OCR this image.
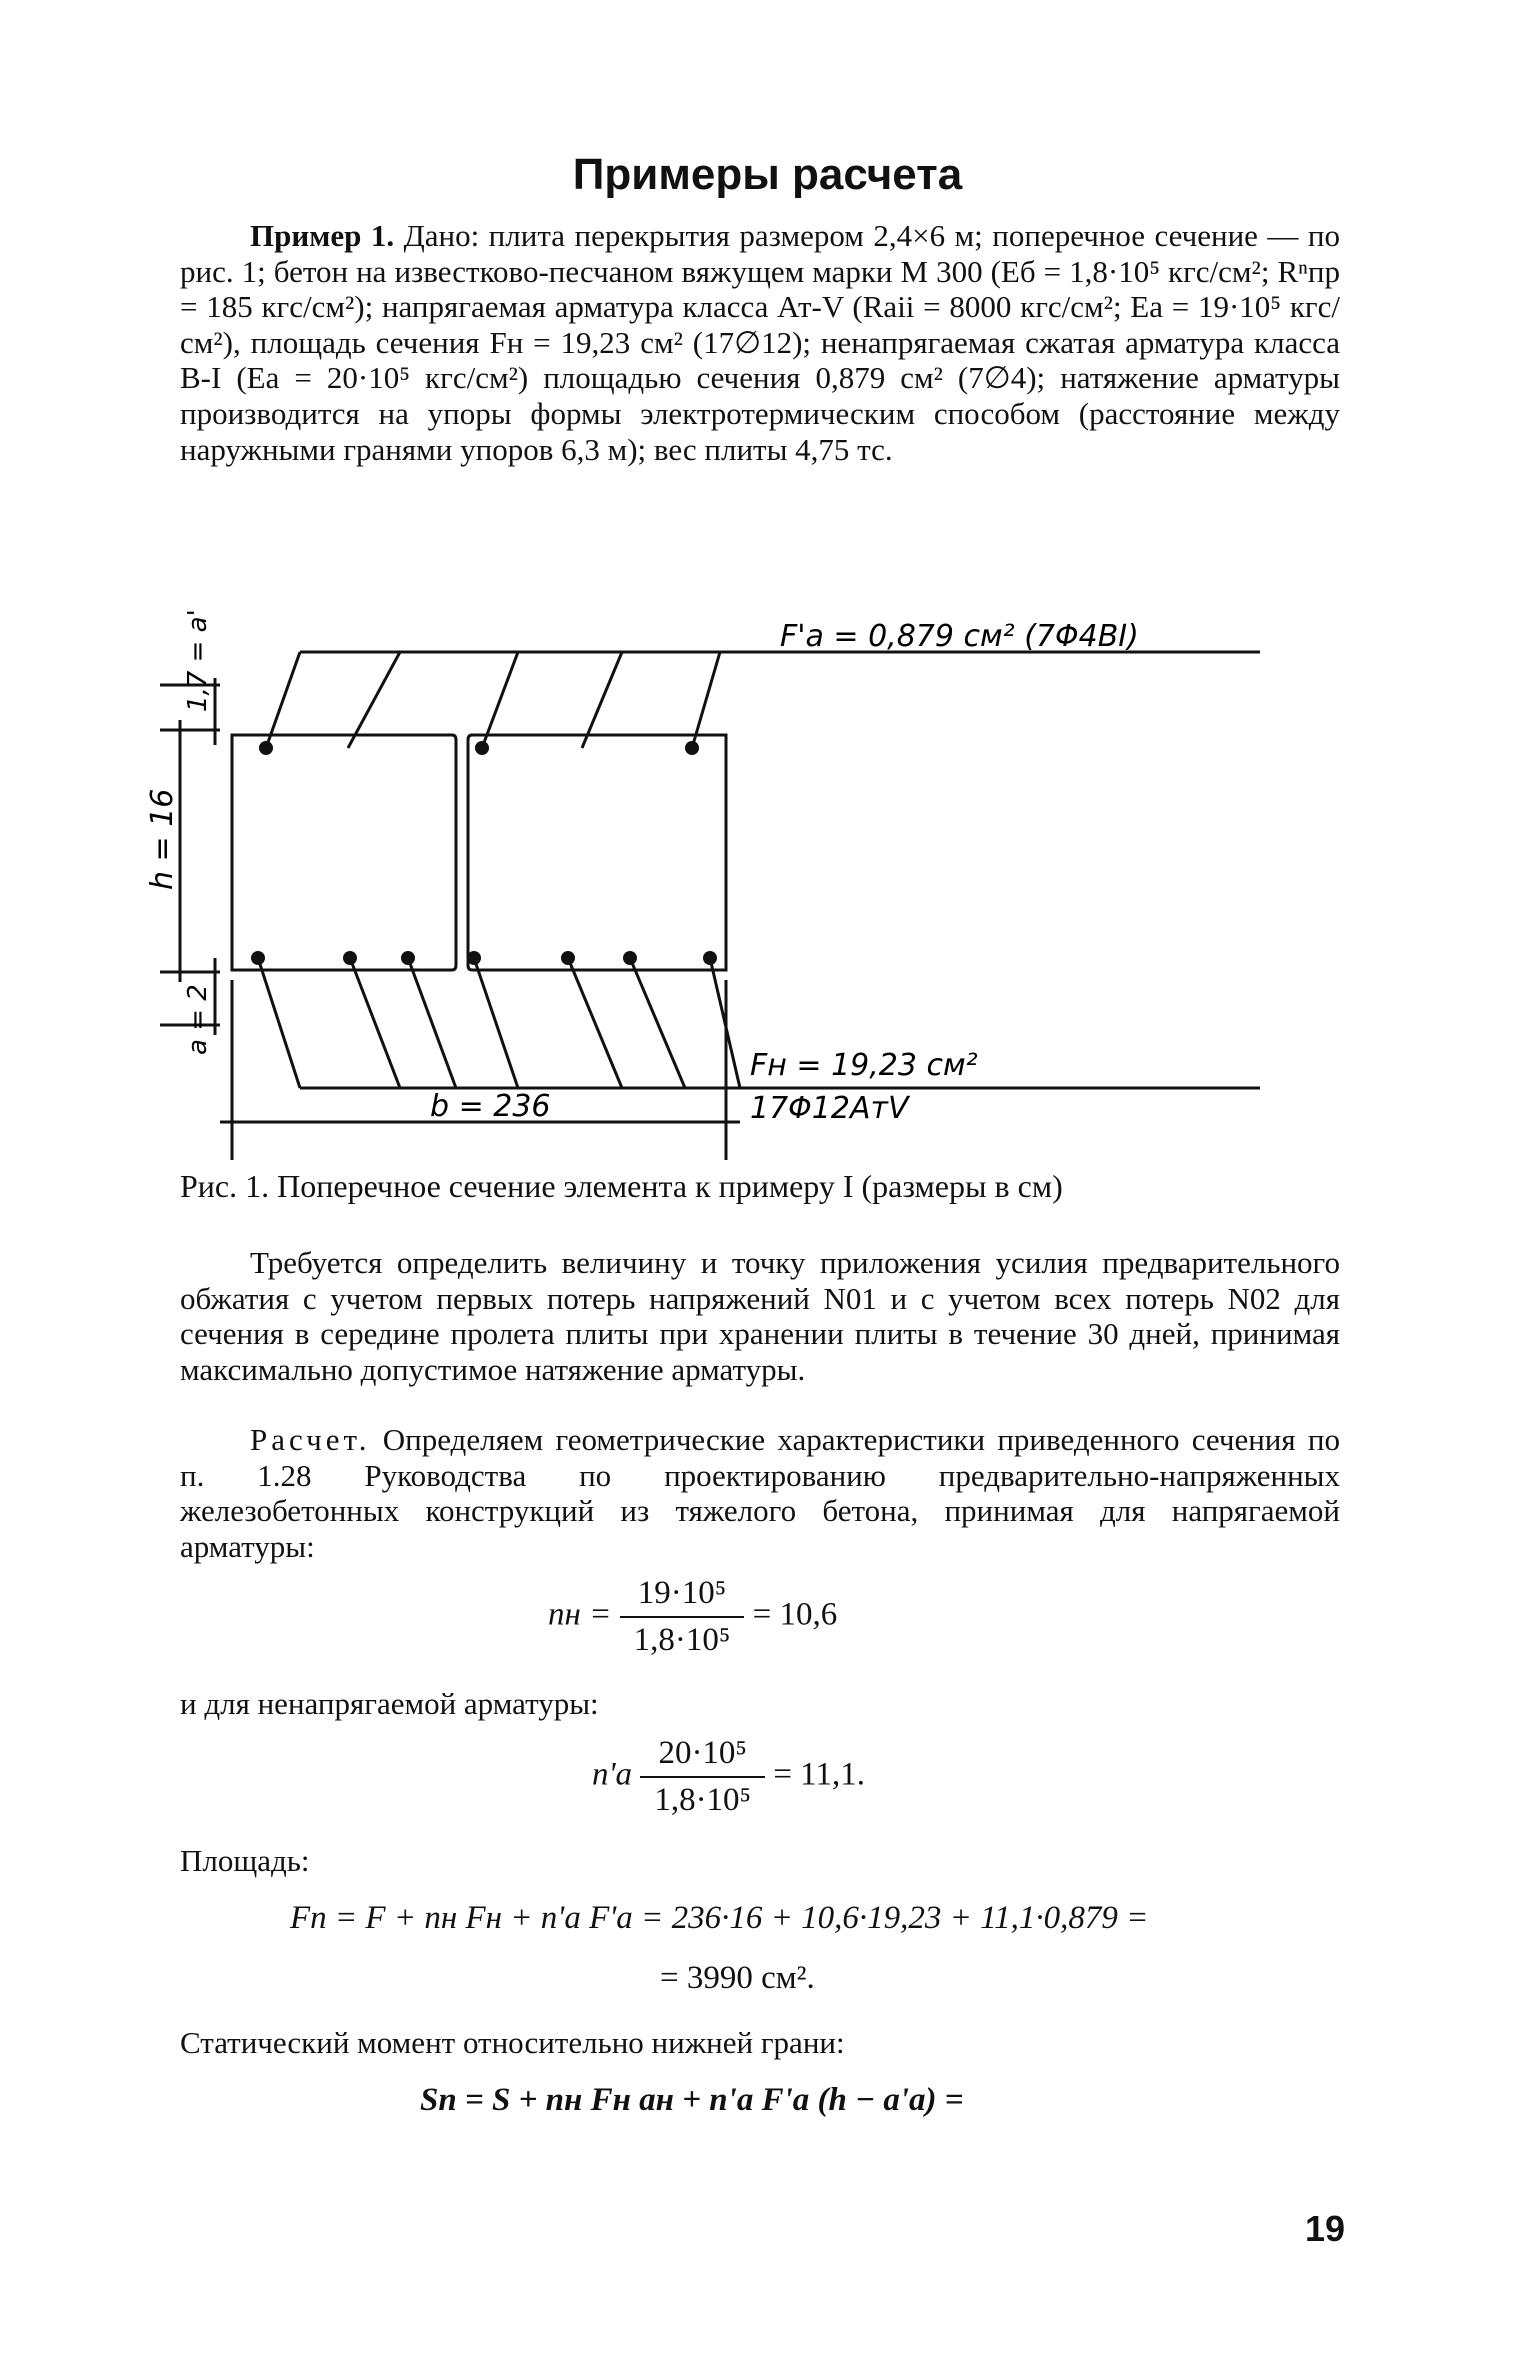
Примеры расчета

Пример 1. Дано: плита перекрытия размером 2,4×6 м; поперечное сечение — по рис. 1; бетон на известково-песчаном вяжущем марки М 300 (Еб = 1,8·10⁵ кгс/см²; Rⁿпр = 185 кгс/см²); напрягаемая арматура класса Ат-V (Rаii = 8000 кгс/см²; Еа = 19·10⁵ кгс/см²), площадь сечения Fн = 19,23 см² (17∅12); ненапрягаемая сжатая арматура класса В-I (Еа = 20·10⁵ кгс/см²) площадью сечения 0,879 см² (7∅4); натяжение арматуры производится на упоры формы электротермическим способом (расстояние между наружными гранями упоров 6,3 м); вес плиты 4,75 тс.

F'a = 0,879 см² (7Φ4BI)
Fн = 19,23 см²
17Φ12AтV
b = 236
h = 16
1,7 = a'
a = 2
Рис. 1. Поперечное сечение элемента к примеру I (размеры в см)

Требуется определить величину и точку приложения усилия предварительного обжатия с учетом первых потерь напряжений N01 и с учетом всех потерь N02 для сечения в середине пролета плиты при хранении плиты в течение 30 дней, принимая максимально допустимое натяжение арматуры.

Расчет. Определяем геометрические характеристики приведенного сечения по п. 1.28 Руководства по проектированию предварительно-напряженных железобетонных конструкций из тяжелого бетона, принимая для напрягаемой арматуры:

nн = $\frac{\text{19·10⁵}}{\text{1,8·10⁵}} = 10,6$

и для ненапрягаемой арматуры:

$n'а \frac{\text{20·10⁵}}{\text{1,8·10⁵}} = 11,1$.

Площадь:

Fп = F + nн Fн + n'а F'а = 236·16 + 10,6·19,23 + 11,1·0,879 =
= 3990 см².

Статический момент относительно нижней грани:

Sп = S + nн Fн aн + n'а F'а (h − a'а) =
19
